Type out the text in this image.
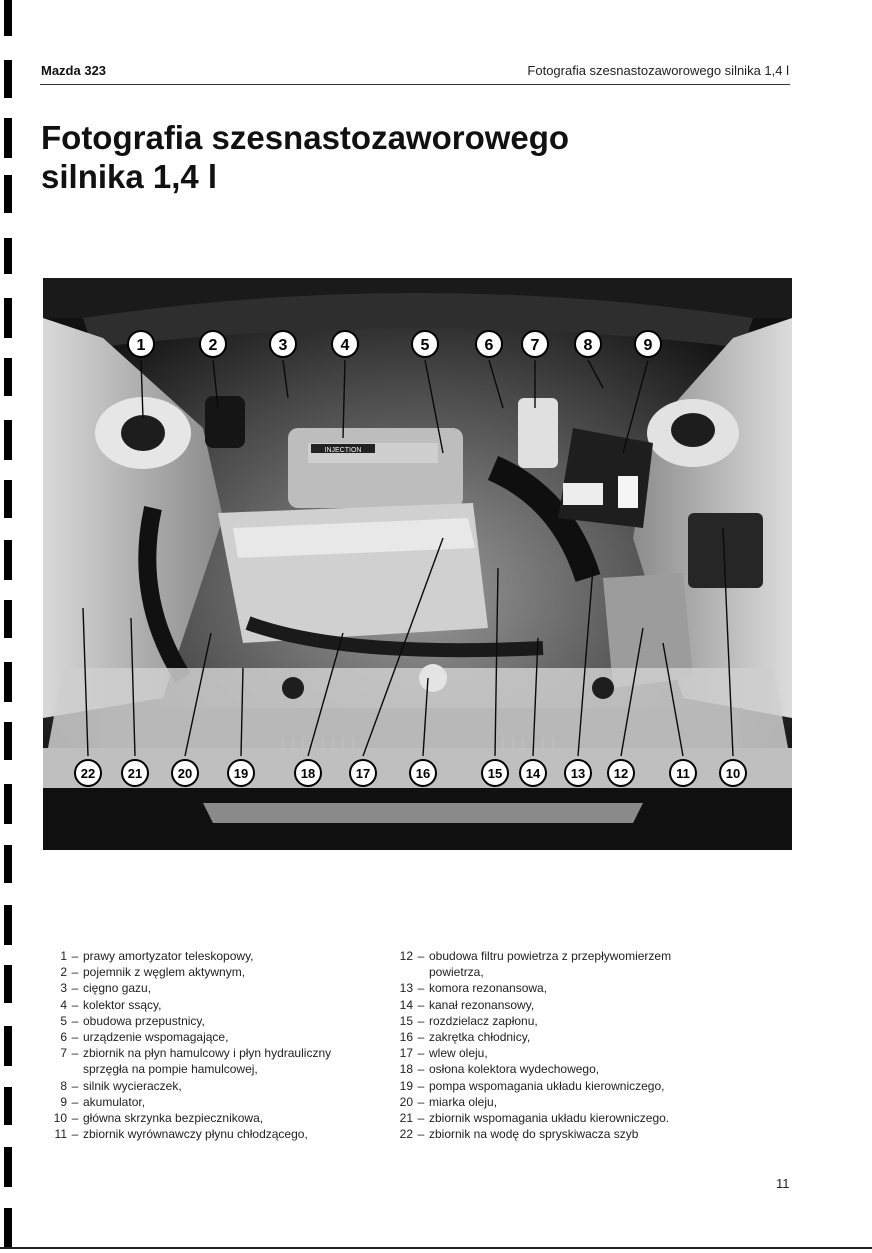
Mazda 323	Fotografia szesnastozaworowego silnika 1,4 l
Fotografia szesnastozaworowego
silnika 1,4 l
INJECTION
1	2	3	4	5	6 7	8	9
10
11
12
13
14
15
16
17
18
19
20
21
22
1 – prawy amortyzator teleskopowy,
2 – pojemnik z węglem aktywnym,
3 – cięgno gazu,
4 – kolektor ssący,
5 – obudowa przepustnicy,
6 – urządzenie wspomagające,
7 – zbiornik na płyn hamulcowy i płyn hydrauliczny
sprzęgła na pompie hamulcowej,
8 – silnik wycieraczek,
9 – akumulator,
10 – główna skrzynka bezpiecznikowa,
11 – zbiornik wyrównawczy płynu chłodzącego,
12 – obudowa filtru powietrza z przepływomierzem
powietrza,
13 – komora rezonansowa,
14 – kanał rezonansowy,
15 – rozdzielacz zapłonu,
16 – zakrętka chłodnicy,
17 – wlew oleju,
18 – osłona kolektora wydechowego,
19 – pompa wspomagania układu kierowniczego,
20 – miarka oleju,
21 – zbiornik wspomagania układu kierowniczego.
22 – zbiornik na wodę do spryskiwacza szyb
11
